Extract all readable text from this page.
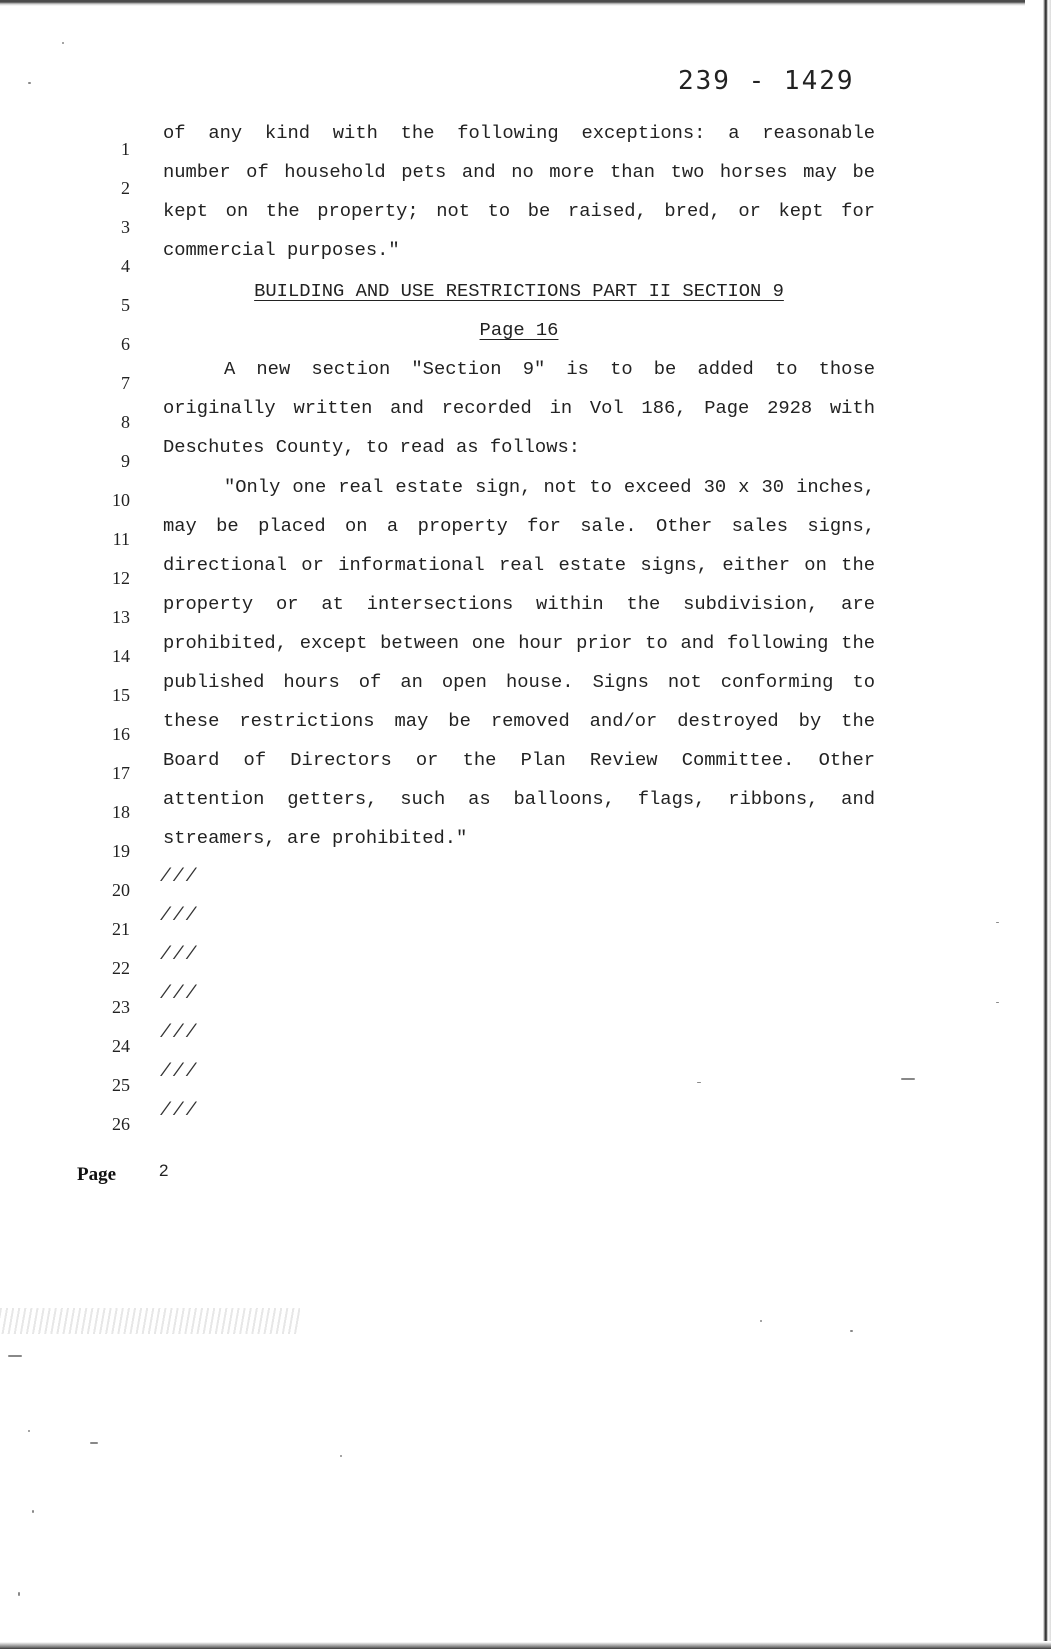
239 - 1429
1
2
3
4
5
6
7
8
9
10
11
12
13
14
15
16
17
18
19
20
21
22
23
24
25
26
of any kind with the following exceptions: a reasonable
number of household pets and no more than two horses may be
kept on the property; not to be raised, bred, or kept for
commercial purposes."
BUILDING AND USE RESTRICTIONS PART II SECTION 9
Page 16
A new section "Section 9" is to be added to those
originally written and recorded in Vol 186, Page 2928 with
Deschutes County, to read as follows:
"Only one real estate sign, not to exceed 30 x 30 inches,
may be placed on a property for sale. Other sales signs,
directional or informational real estate signs, either on the
property or at intersections within the subdivision, are
prohibited, except between one hour prior to and following the
published hours of an open house. Signs not conforming to
these restrictions may be removed and/or destroyed by the
Board of Directors or the Plan Review Committee. Other
attention getters, such as balloons, flags, ribbons, and
streamers, are prohibited."
///
///
///
///
///
///
///
Page	2
